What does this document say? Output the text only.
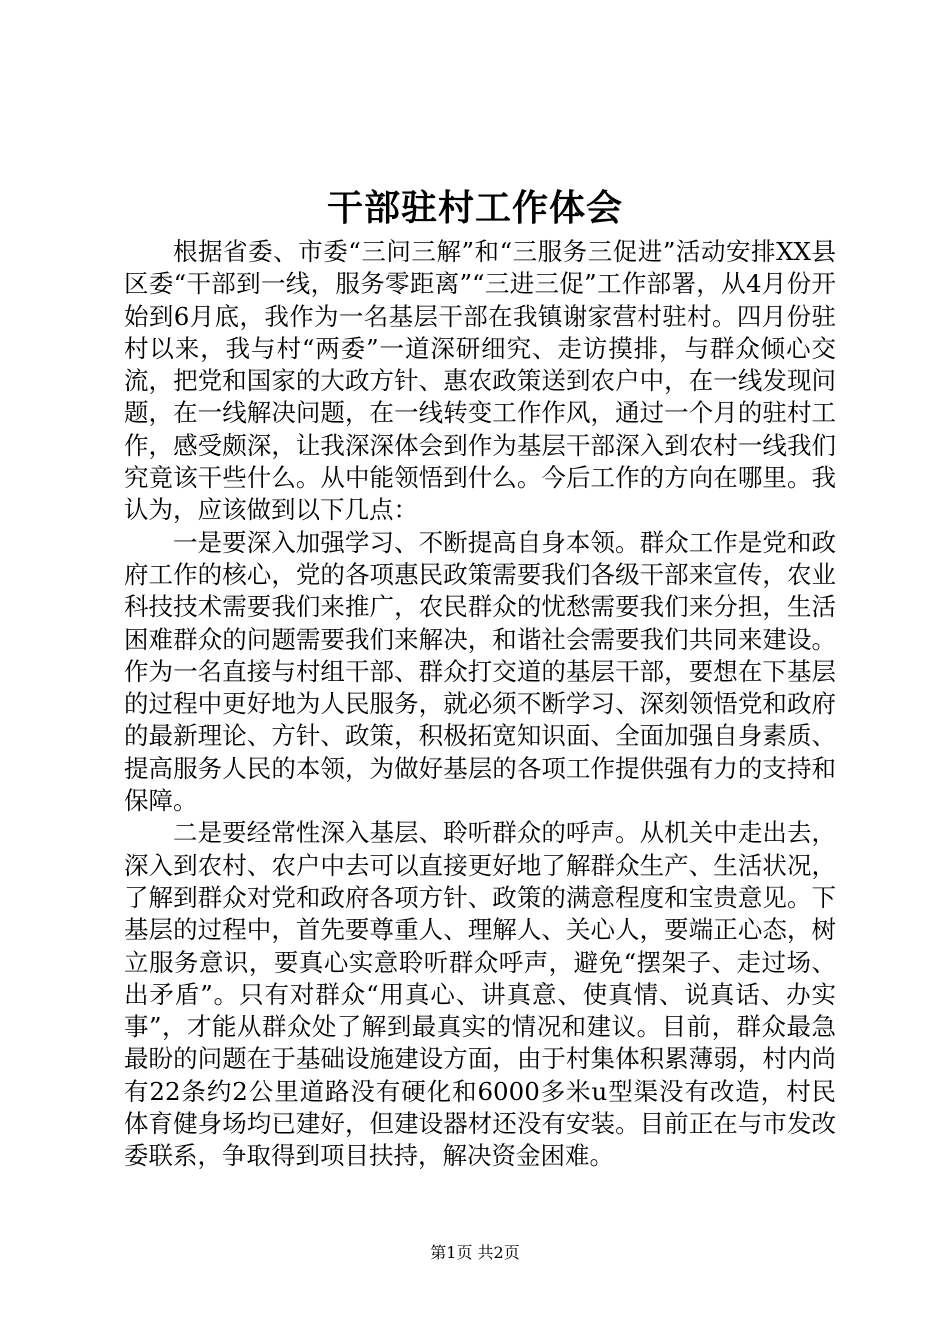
干部驻村工作体会

根据省委、市委“三问三解”和“三服务三促进”活动安排XX县区委“干部到一线，服务零距离”“三进三促”工作部署，从4月份开始到6月底，我作为一名基层干部在我镇谢家营村驻村。四月份驻村以来，我与村“两委”一道深研细究、走访摸排，与群众倾心交流，把党和国家的大政方针、惠农政策送到农户中，在一线发现问题，在一线解决问题，在一线转变工作作风，通过一个月的驻村工作，感受颇深，让我深深体会到作为基层干部深入到农村一线我们究竟该干些什么。从中能领悟到什么。今后工作的方向在哪里。我认为，应该做到以下几点：

一是要深入加强学习、不断提高自身本领。群众工作是党和政府工作的核心，党的各项惠民政策需要我们各级干部来宣传，农业科技技术需要我们来推广，农民群众的忧愁需要我们来分担，生活困难群众的问题需要我们来解决，和谐社会需要我们共同来建设。作为一名直接与村组干部、群众打交道的基层干部，要想在下基层的过程中更好地为人民服务，就必须不断学习、深刻领悟党和政府的最新理论、方针、政策，积极拓宽知识面、全面加强自身素质、提高服务人民的本领，为做好基层的各项工作提供强有力的支持和保障。

二是要经常性深入基层、聆听群众的呼声。从机关中走出去，深入到农村、农户中去可以直接更好地了解群众生产、生活状况，了解到群众对党和政府各项方针、政策的满意程度和宝贵意见。下基层的过程中，首先要尊重人、理解人、关心人，要端正心态，树立服务意识，要真心实意聆听群众呼声，避免“摆架子、走过场、出矛盾”。只有对群众“用真心、讲真意、使真情、说真话、办实事”，才能从群众处了解到最真实的情况和建议。目前，群众最急最盼的问题在于基础设施建设方面，由于村集体积累薄弱，村内尚有22条约2公里道路没有硬化和6000多米u型渠没有改造，村民体育健身场均已建好，但建设器材还没有安装。目前正在与市发改委联系，争取得到项目扶持，解决资金困难。

第1页 共2页
